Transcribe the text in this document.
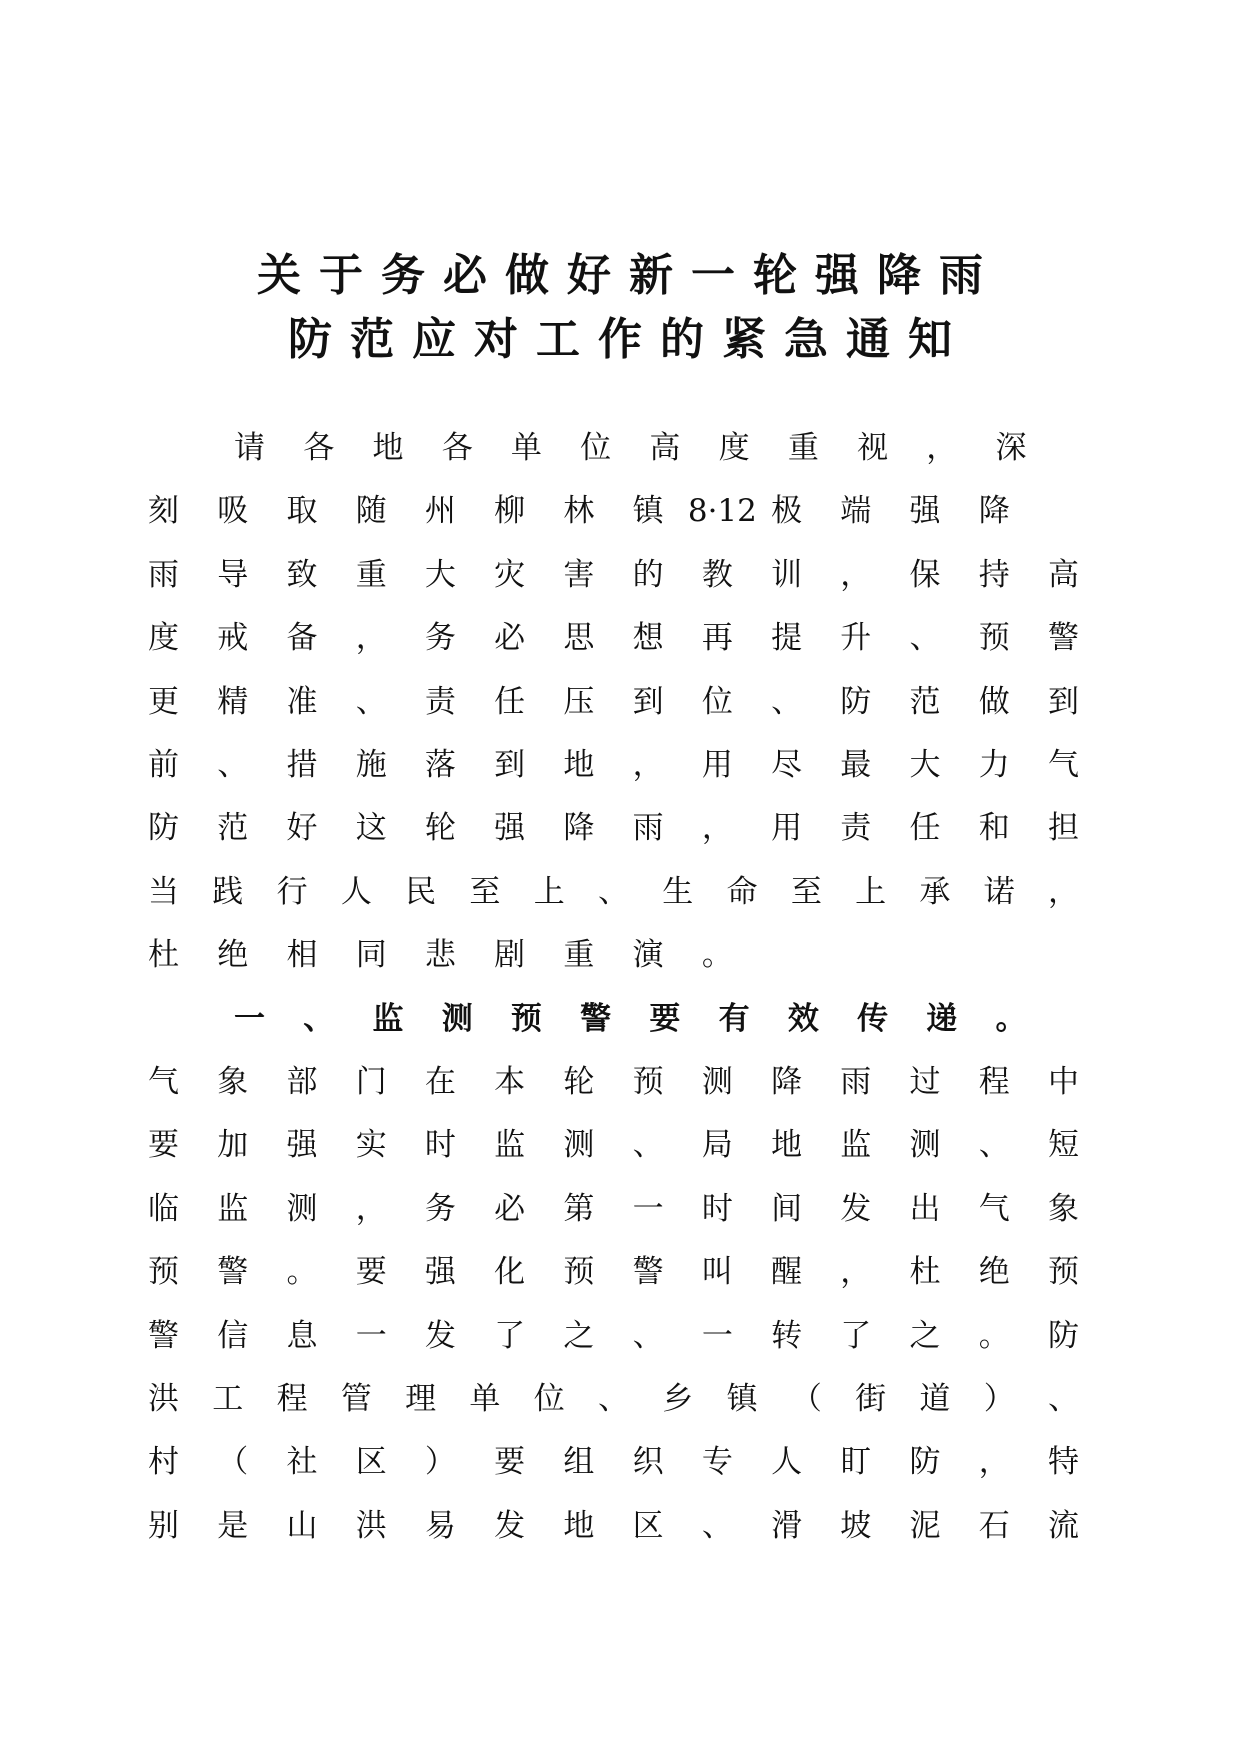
关于务必做好新一轮强降雨
防范应对工作的紧急通知
请 各 地 各 单 位 高 度 重 视 ， 深
刻 吸 取 随 州 柳 林 镇 8·12 极 端 强 降
雨 导 致 重 大 灾 害 的 教 训 ， 保 持 高
度 戒 备 ， 务 必 思 想 再 提 升 、 预 警
更 精 准 、 责 任 压 到 位 、 防 范 做 到
前 、 措 施 落 到 地 ， 用 尽 最 大 力 气
防 范 好 这 轮 强 降 雨 ， 用 责 任 和 担
当 践 行 人 民 至 上 、 生 命 至 上 承 诺 ，
杜 绝 相 同 悲 剧 重 演 。
一 、 监 测 预 警 要 有 效 传 递 。
气 象 部 门 在 本 轮 预 测 降 雨 过 程 中
要 加 强 实 时 监 测 、 局 地 监 测 、 短
临 监 测 ， 务 必 第 一 时 间 发 出 气 象
预 警 。 要 强 化 预 警 叫 醒 ， 杜 绝 预
警 信 息 一 发 了 之 、 一 转 了 之 。 防
洪 工 程 管 理 单 位 、 乡 镇 （ 街 道 ） 、
村 （ 社 区 ） 要 组 织 专 人 盯 防 ， 特
别 是 山 洪 易 发 地 区 、 滑 坡 泥 石 流
